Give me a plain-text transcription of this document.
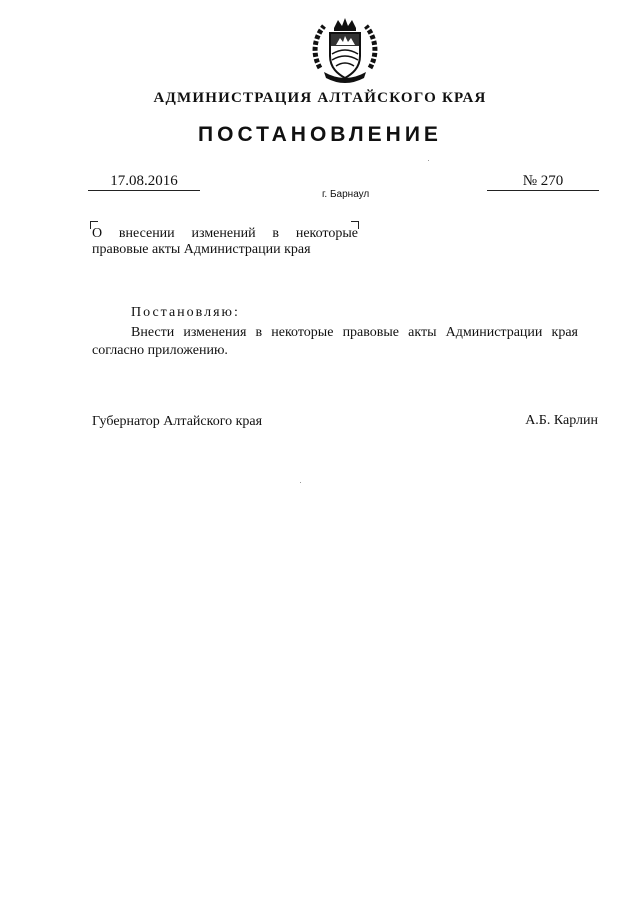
АДМИНИСТРАЦИЯ АЛТАЙСКОГО КРАЯ
ПОСТАНОВЛЕНИЕ
17.08.2016	№ 270
г. Барнаул
О внесении изменений в некоторые
правовые акты Администрации края
Постановляю:
Внести изменения в некоторые правовые акты Администрации края
согласно приложению.
Губернатор Алтайского края	А.Б. Карлин
